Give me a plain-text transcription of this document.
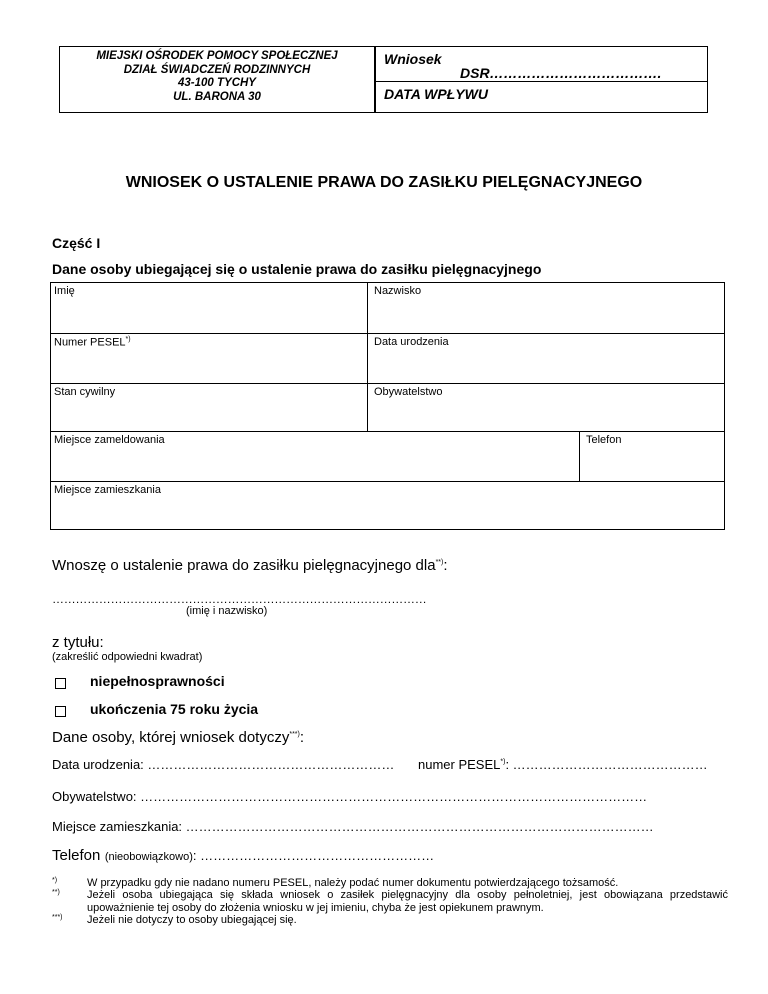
MIEJSKI OŚRODEK POMOCY SPOŁECZNEJ
DZIAŁ ŚWIADCZEŃ RODZINNYCH
43-100 TYCHY
UL. BARONA 30
Wniosek
DSR……………………………….
DATA WPŁYWU
WNIOSEK O USTALENIE PRAWA DO ZASIŁKU PIELĘGNACYJNEGO
Część I
Dane osoby ubiegającej się o ustalenie prawa do zasiłku pielęgnacyjnego
Imię	Nazwisko
Numer PESEL*)	Data urodzenia
Stan cywilny	Obywatelstwo
Miejsce zameldowania	Telefon
Miejsce zamieszkania
Wnoszę o ustalenie prawa do zasiłku pielęgnacyjnego dla**):
……………………………………………………………………………………
(imię i nazwisko)
z tytułu:
(zakreślić odpowiedni kwadrat)
niepełnosprawności
ukończenia 75 roku życia
Dane osoby, której wniosek dotyczy***):
Data urodzenia: ………………………………………………… numer PESEL*): ………………………………………
Obywatelstwo: ………………………………………………………………………………………………………
Miejsce zamieszkania: ………………………………………………………………………………………………
Telefon (nieobowiązkowo): ………………………………………………
*)	W przypadku gdy nie nadano numeru PESEL, należy podać numer dokumentu potwierdzającego tożsamość.
**) Jeżeli osoba ubiegająca się składa wniosek o zasiłek pielęgnacyjny dla osoby pełnoletniej, jest obowiązana przedstawić upoważnienie tej osoby do złożenia wniosku w jej imieniu, chyba że jest opiekunem prawnym.
***) Jeżeli nie dotyczy to osoby ubiegającej się.
